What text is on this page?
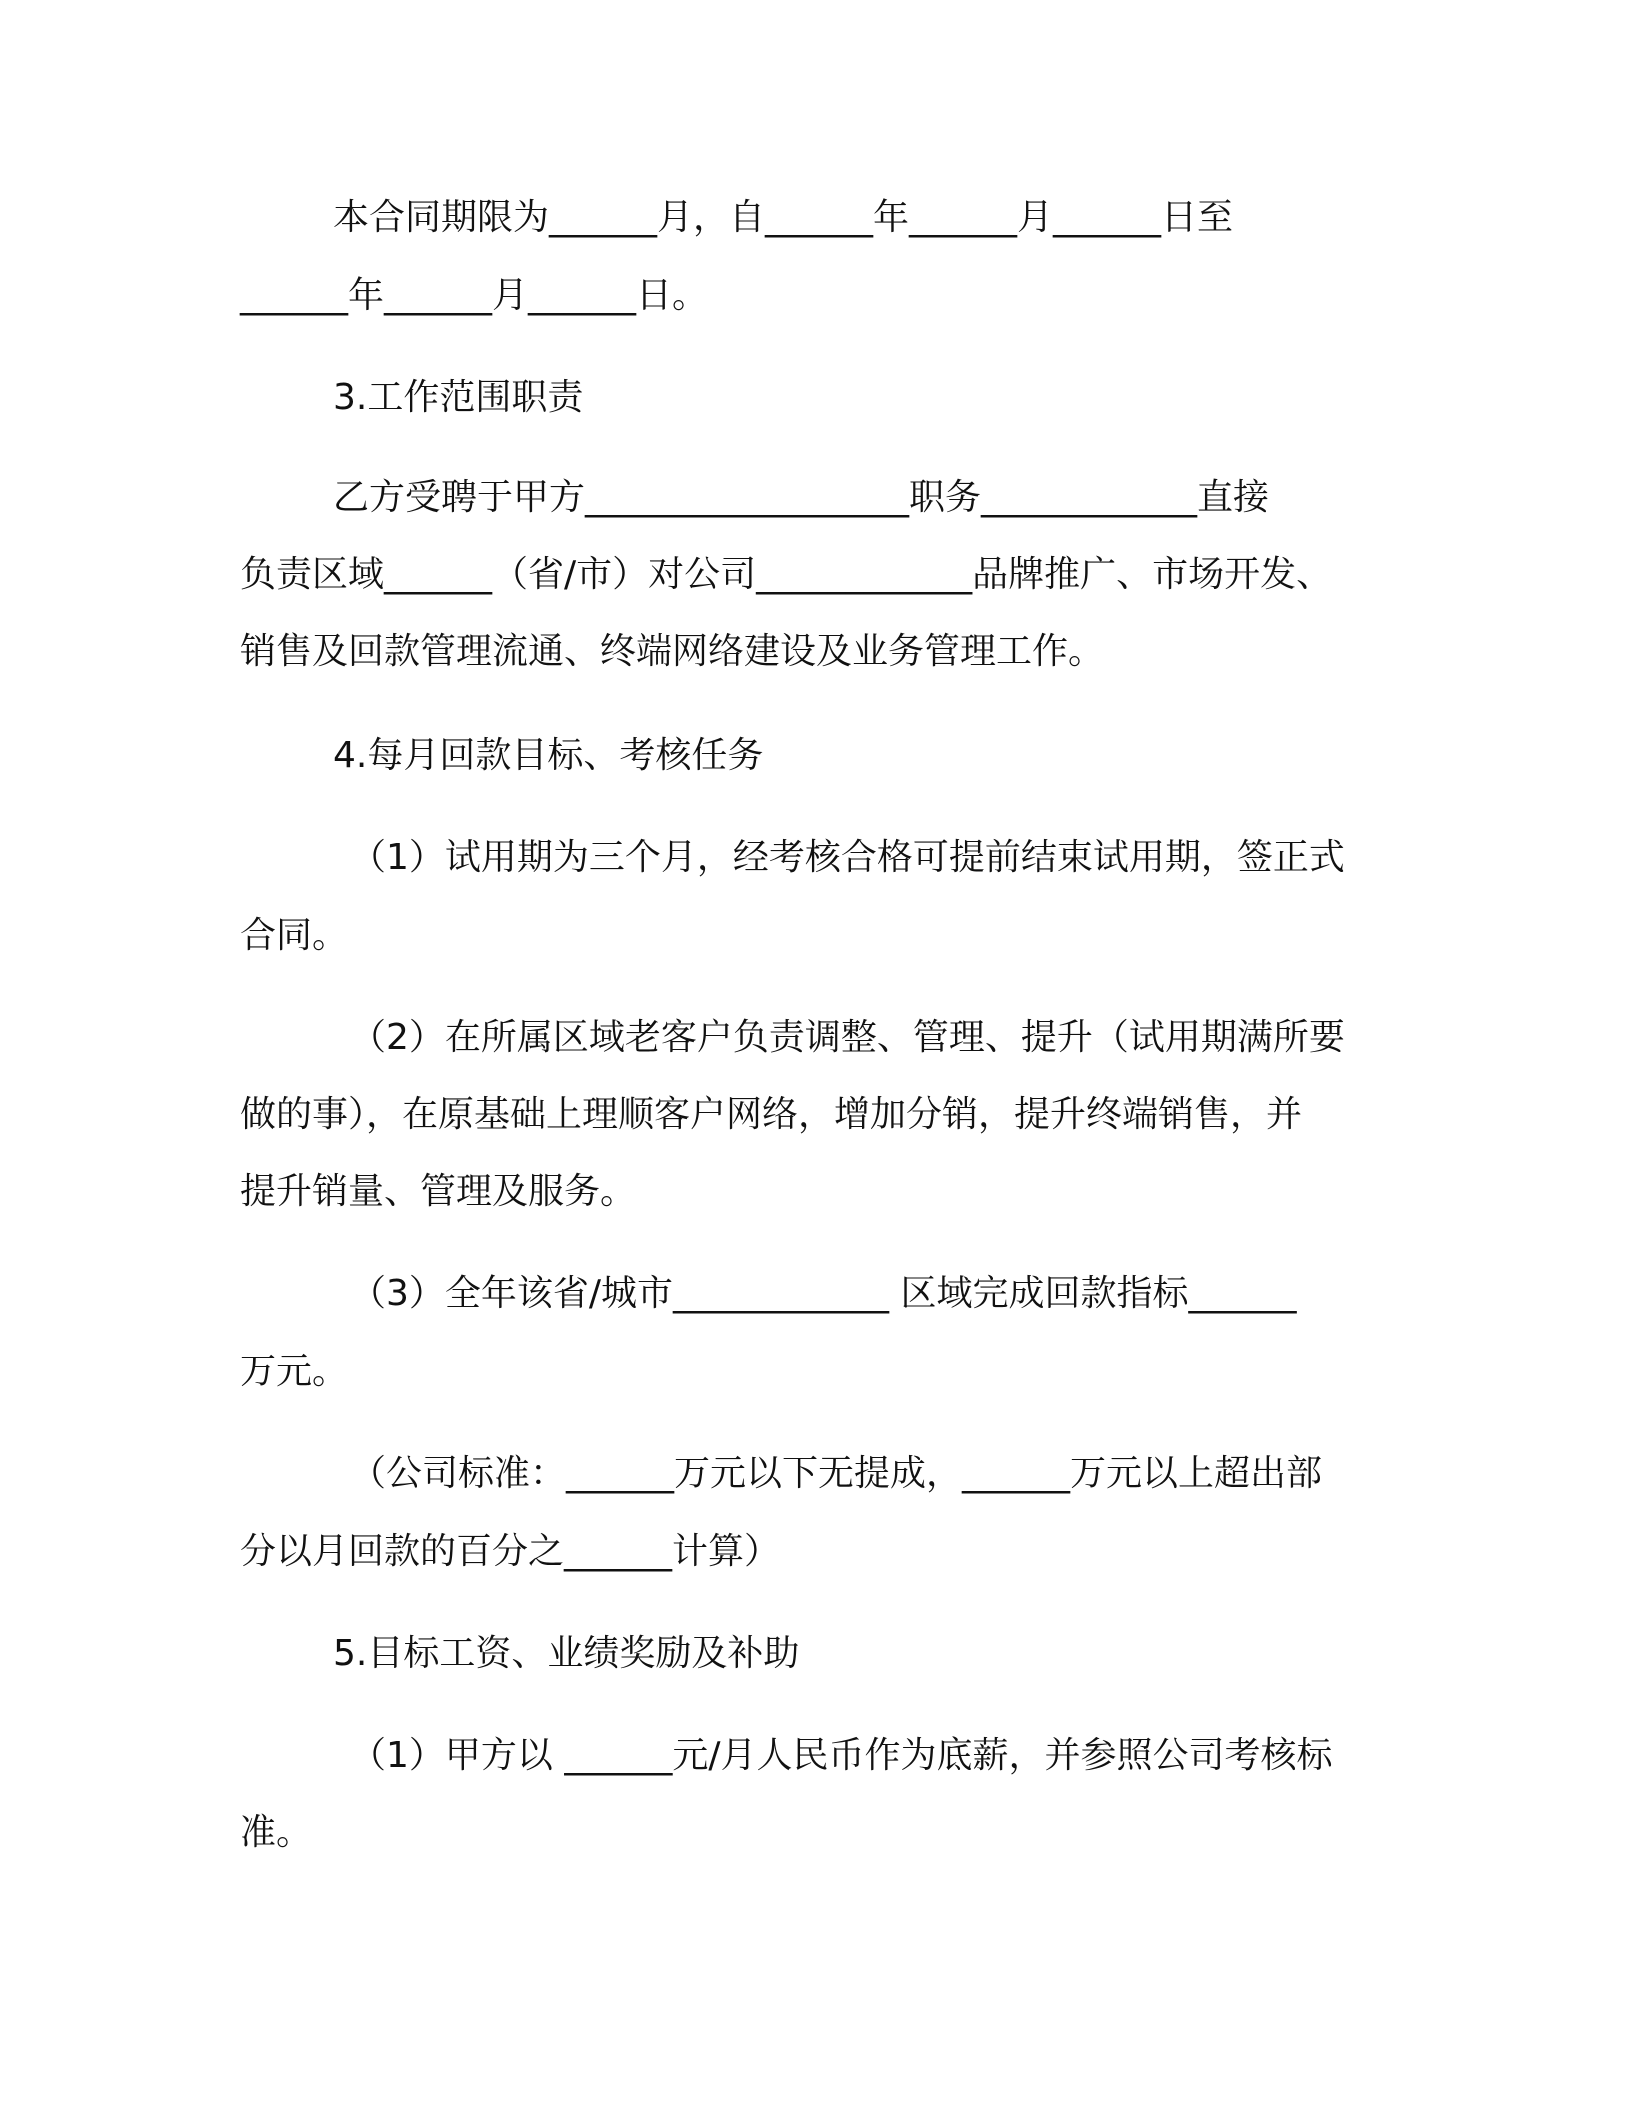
本合同期限为______月，自______年______月______日至
______年______月______日。
3.工作范围职责
乙方受聘于甲方__________________职务____________直接
负责区域______（省/市）对公司____________品牌推广、市场开发、
销售及回款管理流通、终端网络建设及业务管理工作。
4.每月回款目标、考核任务
（1）试用期为三个月，经考核合格可提前结束试用期，签正式
合同。
（2）在所属区域老客户负责调整、管理、提升（试用期满所要
做的事），在原基础上理顺客户网络，增加分销，提升终端销售，并
提升销量、管理及服务。
（3）全年该省/城市____________ 区域完成回款指标______
万元。
（公司标准：______万元以下无提成，______万元以上超出部
分以月回款的百分之______计算）
5.目标工资、业绩奖励及补助
（1）甲方以 ______元/月人民币作为底薪，并参照公司考核标
准。
